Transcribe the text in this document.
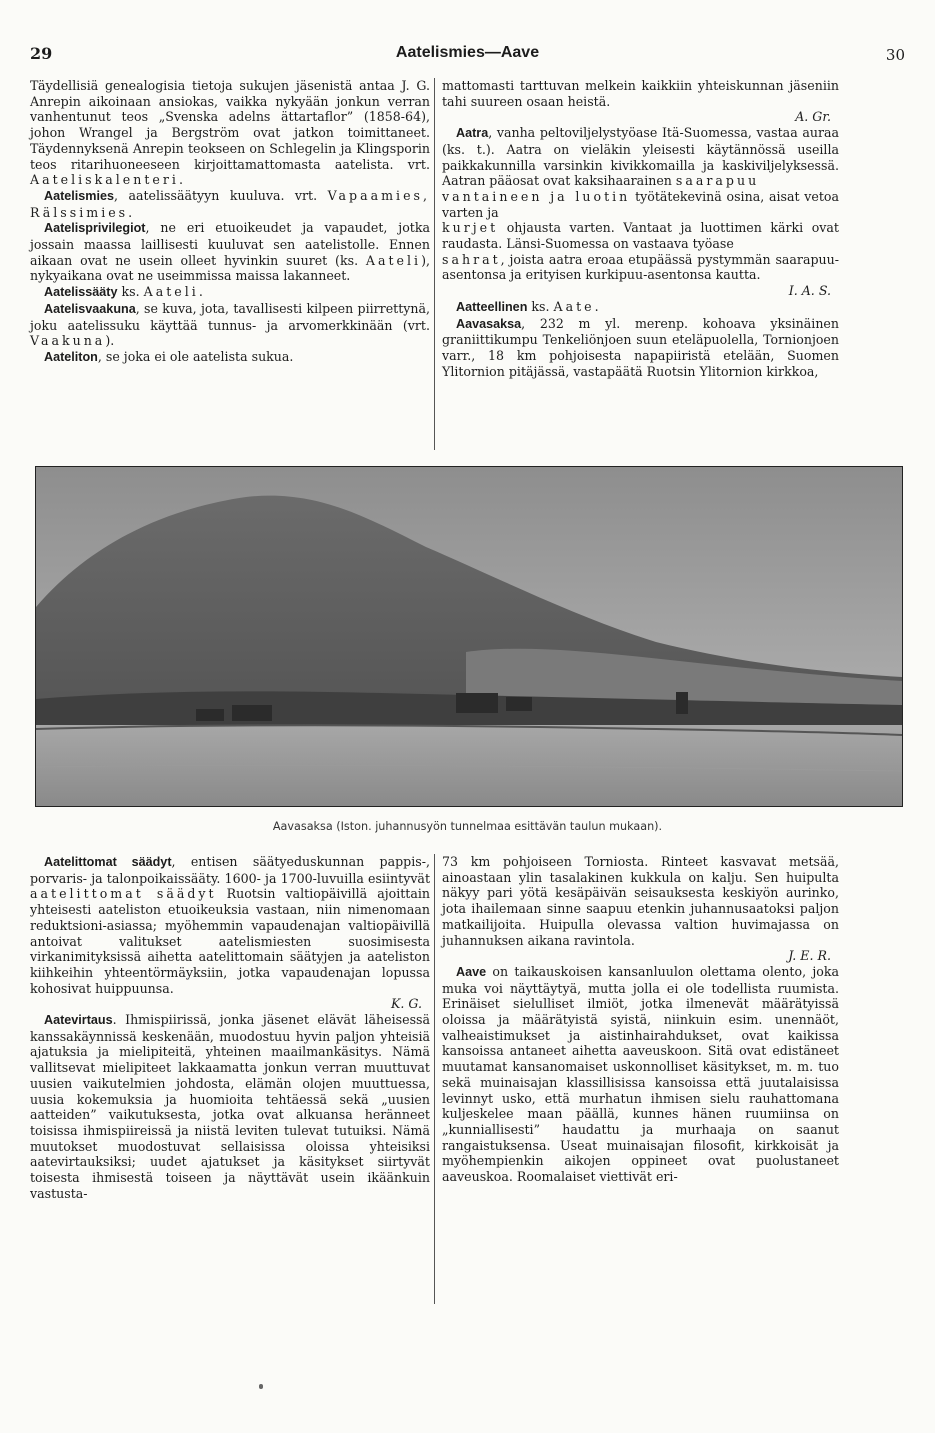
29	Aatelismies—Aave	30

Täydellisiä genealogisia tietoja sukujen jäsenistä antaa J. G. Anrepin aikoinaan ansiokas, vaikka nykyään jonkun verran vanhentunut teos „Svenska adelns ättartaflor” (1858-64), johon Wrangel ja Bergström ovat jatkon toimittaneet. Täydennyksenä Anrepin teokseen on Schlegelin ja Klingsporin teos ritarihuoneeseen kirjoittamattomasta aatelista. vrt. Aateliskalenteri.

Aatelismies, aatelissäätyyn kuuluva. vrt. Vapaamies, Rälssimies.

Aatelisprivilegiot, ne eri etuoikeudet ja vapaudet, jotka jossain maassa laillisesti kuuluvat sen aatelistolle. Ennen aikaan ovat ne usein olleet hyvinkin suuret (ks. Aateli), nykyaikana ovat ne useimmissa maissa lakanneet.

Aatelissääty ks. Aateli.

Aatelisvaakuna, se kuva, jota, tavallisesti kilpeen piirrettynä, joku aatelissuku käyttää tunnus- ja arvomerkkinään (vrt. Vaakuna).

Aateliton, se joka ei ole aatelista sukua.

mattomasti tarttuvan melkein kaikkiin yhteiskunnan jäseniin tahi suureen osaan heistä.

A. Gr.

Aatra, vanha peltoviljelystyöase Itä-Suomessa, vastaa auraa (ks. t.). Aatra on vieläkin yleisesti käytännössä useilla paikkakunnilla varsinkin kivikkomailla ja kaskiviljelyksessä. Aatran pääosat ovat kaksihaarainen saarapuu

vantaineen ja luotin työtätekevinä osina, aisat vetoa varten ja

kurjet ohjausta varten. Vantaat ja luottimen kärki ovat raudasta. Länsi-Suomessa on vastaava työase

sahrat, joista aatra eroaa etupäässä pystymmän saarapuu-asentonsa ja erityisen kurkipuu-asentonsa kautta.

I. A. S.

Aatteellinen ks. Aate.

Aavasaksa, 232 m yl. merenp. kohoava yksinäinen graniittikumpu Tenkeliönjoen suun eteläpuolella, Tornionjoen varr., 18 km pohjoisesta napapiiristä etelään, Suomen Ylitornion pitäjässä, vastapäätä Ruotsin Ylitornion kirkkoa,

Aavasaksa (Iston. juhannusyön tunnelmaa esittävän taulun mukaan).

Aatelittomat säädyt, entisen säätyeduskunnan pappis-, porvaris- ja talonpoikaissääty. 1600- ja 1700-luvuilla esiintyvät aatelittomat säädyt Ruotsin valtiopäivillä ajoittain yhteisesti aateliston etuoikeuksia vastaan, niin nimenomaan reduktsioni-asiassa; myöhemmin vapaudenajan valtiopäivillä antoivat valitukset aatelismiesten suosimisesta virkanimityksissä aihetta aatelittomain säätyjen ja aateliston kiihkeihin yhteentörmäyksiin, jotka vapaudenajan lopussa kohosivat huippuunsa.

K. G.

Aatevirtaus. Ihmispiirissä, jonka jäsenet elävät läheisessä kanssakäynnissä keskenään, muodostuu hyvin paljon yhteisiä ajatuksia ja mielipiteitä, yhteinen maailmankäsitys. Nämä vallitsevat mielipiteet lakkaamatta jonkun verran muuttuvat uusien vaikutelmien johdosta, elämän olojen muuttuessa, uusia kokemuksia ja huomioita tehtäessä sekä „uusien aatteiden” vaikutuksesta, jotka ovat alkuansa heränneet toisissa ihmispiireissä ja niistä leviten tulevat tutuiksi. Nämä muutokset muodostuvat sellaisissa oloissa yhteisiksi aatevirtauksiksi; uudet ajatukset ja käsitykset siirtyvät toisesta ihmisestä toiseen ja näyttävät usein ikäänkuin vastusta-

73 km pohjoiseen Torniosta. Rinteet kasvavat metsää, ainoastaan ylin tasalakinen kukkula on kalju. Sen huipulta näkyy pari yötä kesäpäivän seisauksesta keskiyön aurinko, jota ihailemaan sinne saapuu etenkin juhannusaatoksi paljon matkailijoita. Huipulla olevassa valtion huvimajassa on juhannuksen aikana ravintola.

J. E. R.

Aave on taikauskoisen kansanluulon olettama olento, joka muka voi näyttäytyä, mutta jolla ei ole todellista ruumista. Erinäiset sielulliset ilmiöt, jotka ilmenevät määrätyissä oloissa ja määrätyistä syistä, niinkuin esim. unennäöt, valheaistimukset ja aistinhairahdukset, ovat kaikissa kansoissa antaneet aihetta aaveuskoon. Sitä ovat edistäneet muutamat kansanomaiset uskonnolliset käsitykset, m. m. tuo sekä muinaisajan klassillisissa kansoissa että juutalaisissa levinnyt usko, että murhatun ihmisen sielu rauhattomana kuljeskelee maan päällä, kunnes hänen ruumiinsa on „kunniallisesti” haudattu ja murhaaja on saanut rangaistuksensa. Useat muinaisajan filosofit, kirkkoisät ja myöhempienkin aikojen oppineet ovat puolustaneet aaveuskoa. Roomalaiset viettivät eri-
